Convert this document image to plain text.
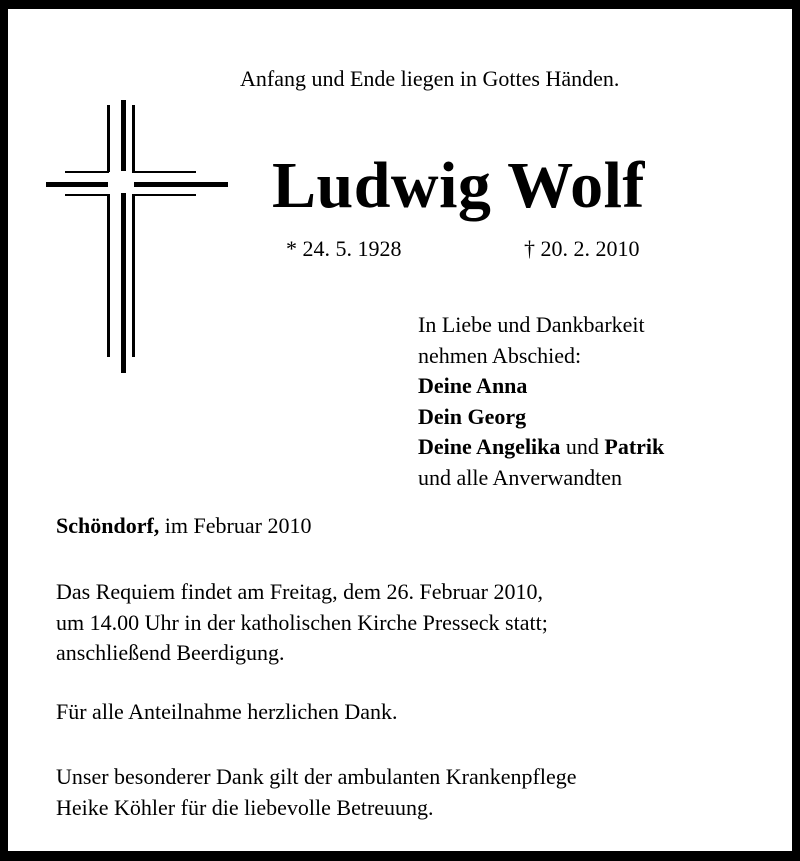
Anfang und Ende liegen in Gottes Händen.
Ludwig Wolf
* 24. 5. 1928	† 20. 2. 2010
In Liebe und Dankbarkeit
nehmen Abschied:
Deine Anna
Dein Georg
Deine Angelika und Patrik
und alle Anverwandten
Schöndorf, im Februar 2010
Das Requiem findet am Freitag, dem 26. Februar 2010,
um 14.00 Uhr in der katholischen Kirche Presseck statt;
anschließend Beerdigung.
Für alle Anteilnahme herzlichen Dank.
Unser besonderer Dank gilt der ambulanten Krankenpflege
Heike Köhler für die liebevolle Betreuung.
